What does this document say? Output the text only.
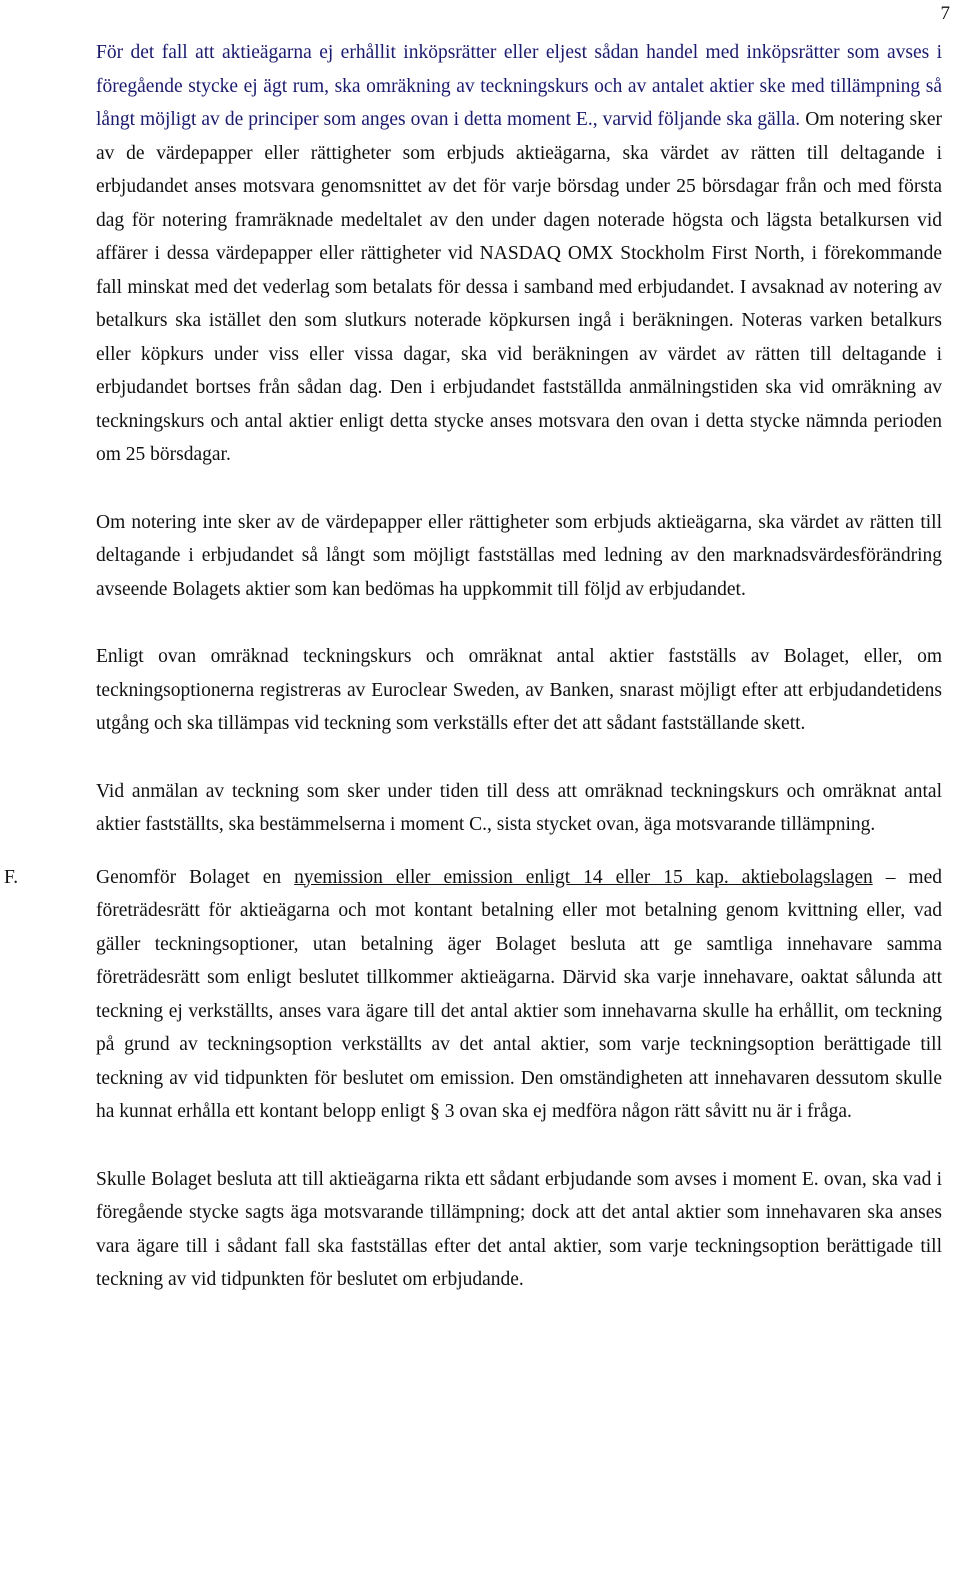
7

För det fall att aktieägarna ej erhållit inköpsrätter eller eljest sådan handel med inköpsrätter som avses i föregående stycke ej ägt rum, ska omräkning av teckningskurs och av antalet aktier ske med tillämpning så långt möjligt av de principer som anges ovan i detta moment E., varvid följande ska gälla. Om notering sker av de värdepapper eller rättigheter som erbjuds aktieägarna, ska värdet av rätten till deltagande i erbjudandet anses motsvara genomsnittet av det för varje börsdag under 25 börsdagar från och med första dag för notering framräknade medeltalet av den under dagen noterade högsta och lägsta betalkursen vid affärer i dessa värdepapper eller rättigheter vid NASDAQ OMX Stockholm First North, i förekommande fall minskat med det vederlag som betalats för dessa i samband med erbjudandet. I avsaknad av notering av betalkurs ska istället den som slutkurs noterade köpkursen ingå i beräkningen. Noteras varken betalkurs eller köpkurs under viss eller vissa dagar, ska vid beräkningen av värdet av rätten till deltagande i erbjudandet bortses från sådan dag. Den i erbjudandet fastställda anmälningstiden ska vid omräkning av teckningskurs och antal aktier enligt detta stycke anses motsvara den ovan i detta stycke nämnda perioden om 25 börsdagar.

Om notering inte sker av de värdepapper eller rättigheter som erbjuds aktieägarna, ska värdet av rätten till deltagande i erbjudandet så långt som möjligt fastställas med ledning av den marknadsvärdesförändring avseende Bolagets aktier som kan bedömas ha uppkommit till följd av erbjudandet.

Enligt ovan omräknad teckningskurs och omräknat antal aktier fastställs av Bolaget, eller, om teckningsoptionerna registreras av Euroclear Sweden, av Banken, snarast möjligt efter att erbjudandetidens utgång och ska tillämpas vid teckning som verkställs efter det att sådant fastställande skett.

Vid anmälan av teckning som sker under tiden till dess att omräknad teckningskurs och omräknat antal aktier fastställts, ska bestämmelserna i moment C., sista stycket ovan, äga motsvarande tillämpning.

F.	Genomför Bolaget en nyemission eller emission enligt 14 eller 15 kap. aktiebolagslagen – med företrädesrätt för aktieägarna och mot kontant betalning eller mot betalning genom kvittning eller, vad gäller teckningsoptioner, utan betalning äger Bolaget besluta att ge samtliga innehavare samma företrädesrätt som enligt beslutet tillkommer aktieägarna. Därvid ska varje innehavare, oaktat sålunda att teckning ej verkställts, anses vara ägare till det antal aktier som innehavarna skulle ha erhållit, om teckning på grund av teckningsoption verkställts av det antal aktier, som varje teckningsoption berättigade till teckning av vid tidpunkten för beslutet om emission. Den omständigheten att innehavaren dessutom skulle ha kunnat erhålla ett kontant belopp enligt § 3 ovan ska ej medföra någon rätt såvitt nu är i fråga.

Skulle Bolaget besluta att till aktieägarna rikta ett sådant erbjudande som avses i moment E. ovan, ska vad i föregående stycke sagts äga motsvarande tillämpning; dock att det antal aktier som innehavaren ska anses vara ägare till i sådant fall ska fastställas efter det antal aktier, som varje teckningsoption berättigade till teckning av vid tidpunkten för beslutet om erbjudande.
